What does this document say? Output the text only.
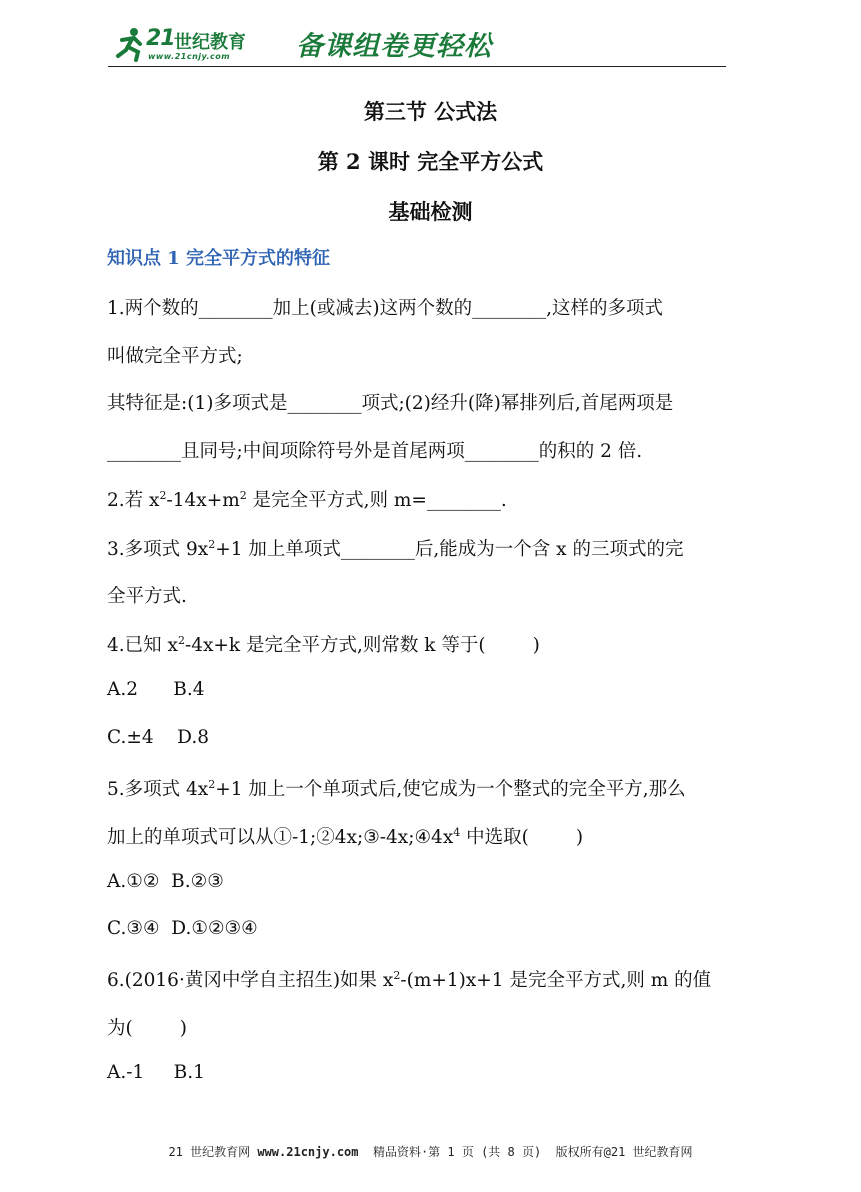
21 世纪教育
www.21cnjy.com 备课组卷更轻松
第三节 公式法
第 2 课时 完全平方公式
基础检测
知识点 1 完全平方式的特征
1.两个数的________加上(或减去)这两个数的________,这样的多项式
叫做完全平方式;
其特征是:(1)多项式是________项式;(2)经升(降)幂排列后,首尾两项是
________且同号;中间项除符号外是首尾两项________的积的 2 倍.
2.若 $x^2-14x+m^2$ 是完全平方式,则 m=________.
3.多项式 $9x^2+1$ 加上单项式________后,能成为一个含 x 的三项式的完
全平方式.
4.已知 $x^2-4x+k$ 是完全平方式,则常数 k 等于(        )
A.2      B.4
C.±4    D.8
5.多项式 $4x^2+1$ 加上一个单项式后,使它成为一个整式的完全平方,那么
加上的单项式可以从$①-1;②4x;③-4x;④4x^4$ 中选取(        )
A.①②  B.②③
C.③④  D.①②③④
6.(2016·黄冈中学自主招生)如果 $x^2-(m+1)x+1$ 是完全平方式,则 m 的值
为(        )
A.-1     B.1
21 世纪教育网 www.21cnjy.com  精品资料·第 1 页 (共 8 页)  版权所有@21 世纪教育网
